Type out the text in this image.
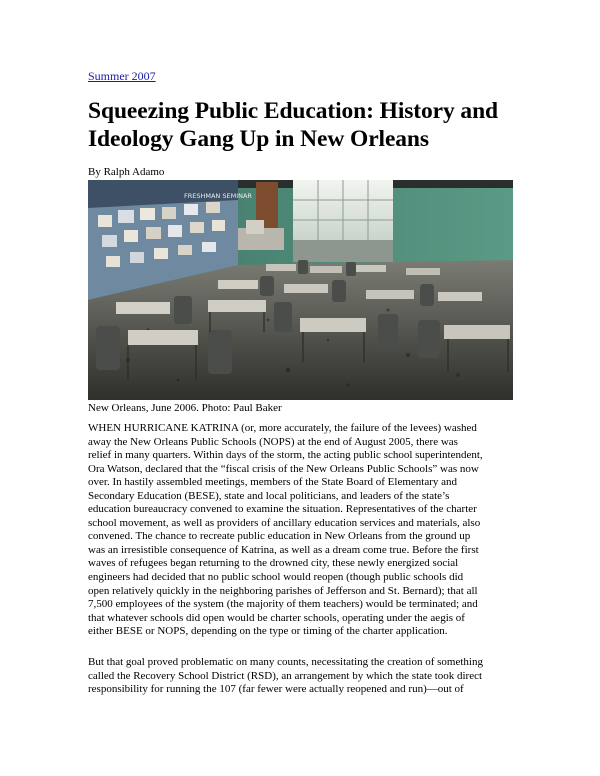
Summer 2007
Squeezing Public Education: History and
Ideology Gang Up in New Orleans
By Ralph Adamo
FRESHMAN SEMINAR
New Orleans, June 2006. Photo: Paul Baker

WHEN HURRICANE KATRINA (or, more accurately, the failure of the levees) washed
away the New Orleans Public Schools (NOPS) at the end of August 2005, there was
relief in many quarters. Within days of the storm, the acting public school superintendent,
Ora Watson, declared that the “fiscal crisis of the New Orleans Public Schools” was now
over. In hastily assembled meetings, members of the State Board of Elementary and
Secondary Education (BESE), state and local politicians, and leaders of the state’s
education bureaucracy convened to examine the situation. Representatives of the charter
school movement, as well as providers of ancillary education services and materials, also
convened. The chance to recreate public education in New Orleans from the ground up
was an irresistible consequence of Katrina, as well as a dream come true. Before the first
waves of refugees began returning to the drowned city, these newly energized social
engineers had decided that no public school would reopen (though public schools did
open relatively quickly in the neighboring parishes of Jefferson and St. Bernard); that all
7,500 employees of the system (the majority of them teachers) would be terminated; and
that whatever schools did open would be charter schools, operating under the aegis of
either BESE or NOPS, depending on the type or timing of the charter application.

But that goal proved problematic on many counts, necessitating the creation of something
called the Recovery School District (RSD), an arrangement by which the state took direct
responsibility for running the 107 (far fewer were actually reopened and run)—out of
